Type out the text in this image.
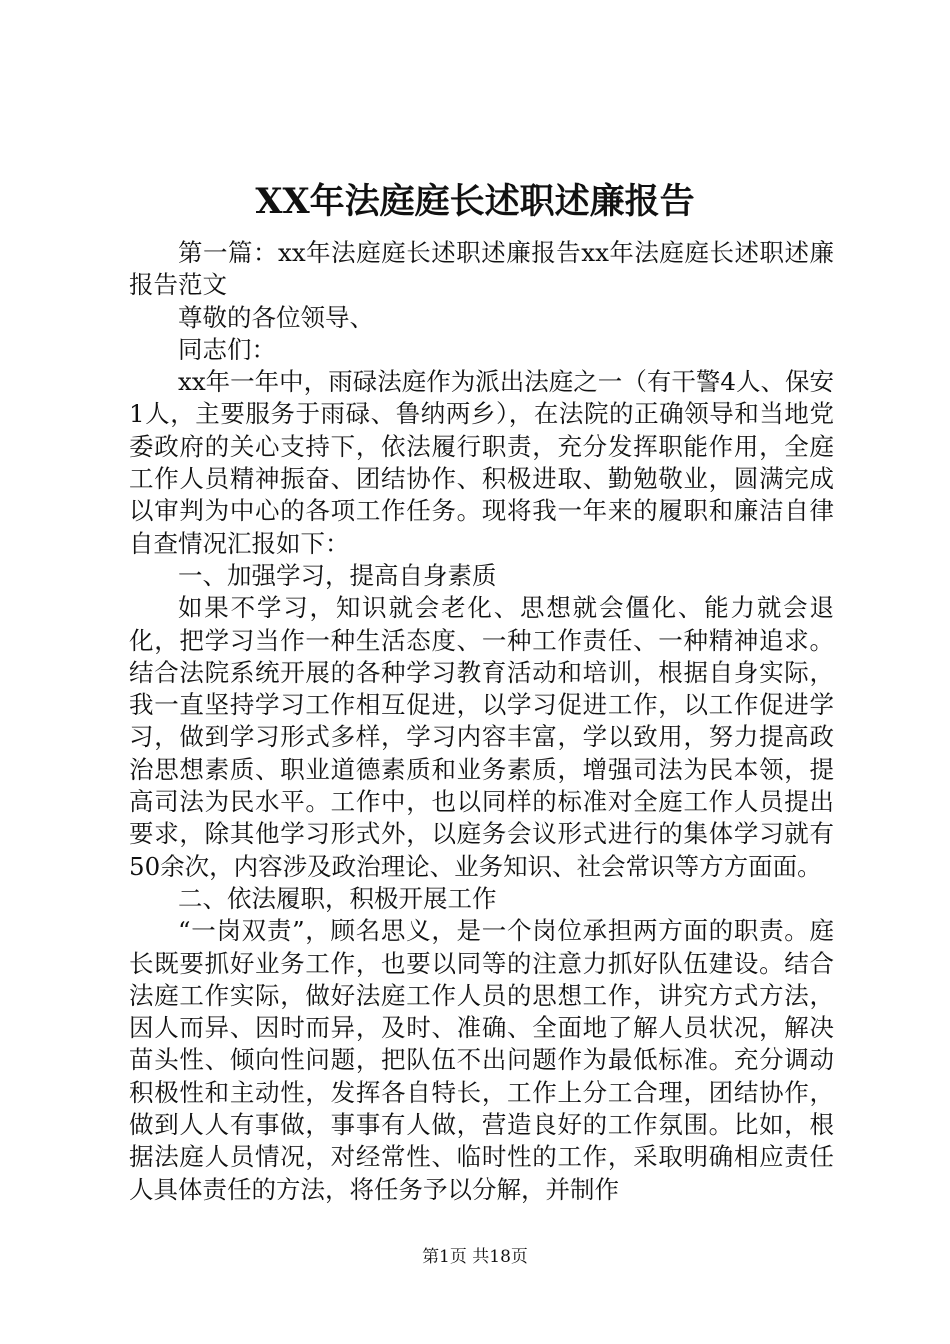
XX年法庭庭长述职述廉报告

第一篇：xx年法庭庭长述职述廉报告xx年法庭庭长述职述廉报告范文

尊敬的各位领导、

同志们：

xx年一年中，雨碌法庭作为派出法庭之一（有干警4人、保安1人，主要服务于雨碌、鲁纳两乡），在法院的正确领导和当地党委政府的关心支持下，依法履行职责，充分发挥职能作用，全庭工作人员精神振奋、团结协作、积极进取、勤勉敬业，圆满完成以审判为中心的各项工作任务。现将我一年来的履职和廉洁自律自查情况汇报如下：

一、加强学习，提高自身素质

如果不学习，知识就会老化、思想就会僵化、能力就会退化，把学习当作一种生活态度、一种工作责任、一种精神追求。结合法院系统开展的各种学习教育活动和培训，根据自身实际，我一直坚持学习工作相互促进，以学习促进工作，以工作促进学习，做到学习形式多样，学习内容丰富，学以致用，努力提高政治思想素质、职业道德素质和业务素质，增强司法为民本领，提高司法为民水平。工作中，也以同样的标准对全庭工作人员提出要求，除其他学习形式外，以庭务会议形式进行的集体学习就有50余次，内容涉及政治理论、业务知识、社会常识等方方面面。

二、依法履职，积极开展工作

“一岗双责”，顾名思义，是一个岗位承担两方面的职责。庭长既要抓好业务工作，也要以同等的注意力抓好队伍建设。结合法庭工作实际，做好法庭工作人员的思想工作，讲究方式方法，因人而异、因时而异，及时、准确、全面地了解人员状况，解决苗头性、倾向性问题，把队伍不出问题作为最低标准。充分调动积极性和主动性，发挥各自特长，工作上分工合理，团结协作，做到人人有事做，事事有人做，营造良好的工作氛围。比如，根据法庭人员情况，对经常性、临时性的工作，采取明确相应责任人具体责任的方法，将任务予以分解，并制作

第1页 共18页
